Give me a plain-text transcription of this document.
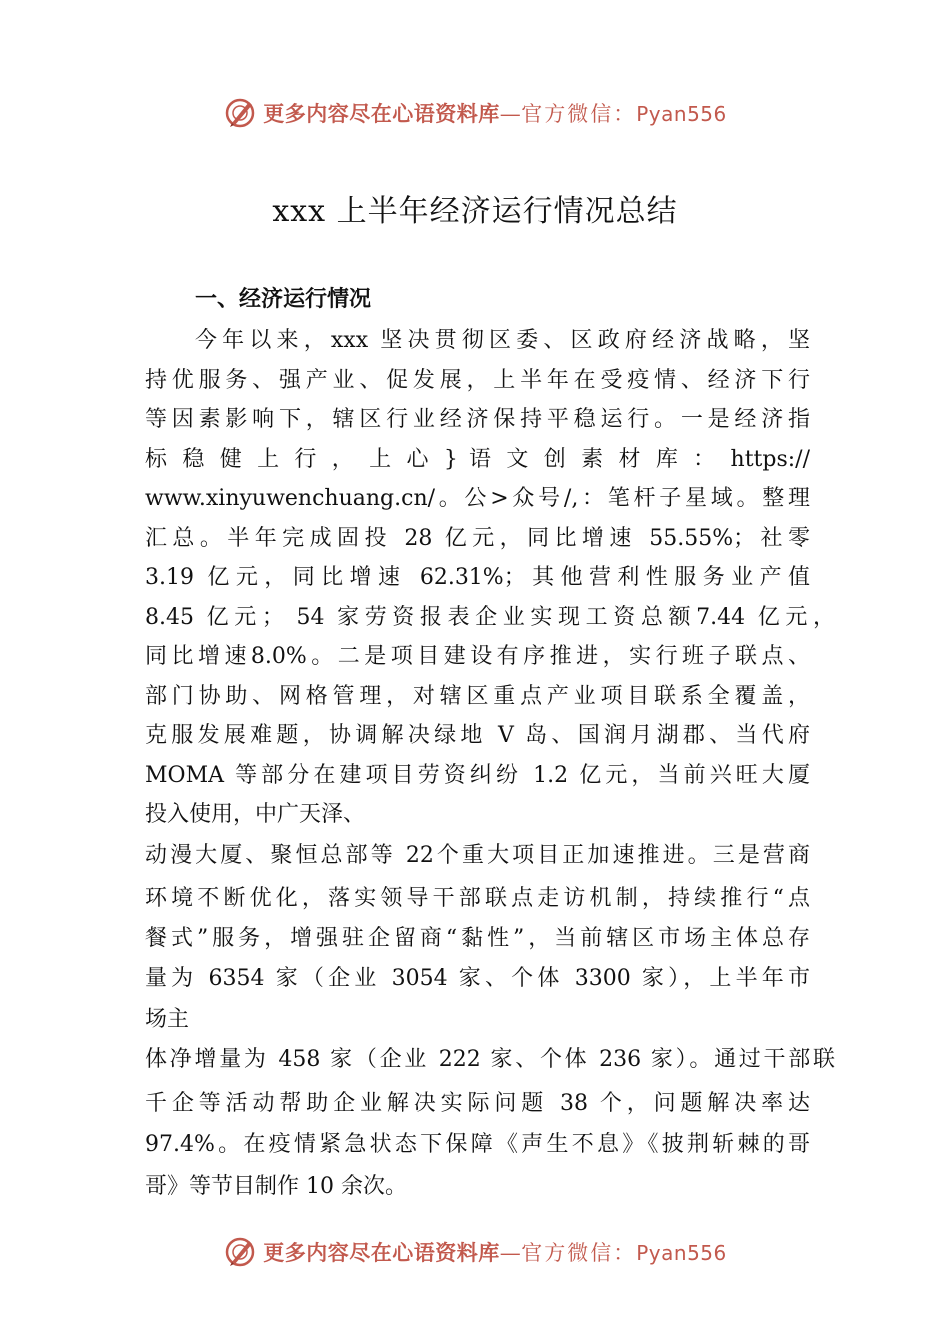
更多内容尽在心语资料库—官方微信：Pyan556
xxx 上半年经济运行情况总结
一、经济运行情况
今年以来，xxx 坚决贯彻区委、区政府经济战略，坚
持优服务、强产业、促发展，上半年在受疫情、经济下行
等因素影响下，辖区行业经济保持平稳运行。一是经济指
标 稳 健 上 行 ， 上 心 } 语 文 创 素 材 库 ： https://
www.xinyuwenchuang.cn/。公>众号/,：笔杆子星域。整理
汇总。半年完成固投 28 亿元，同比增速 55.55%；社零
3.19 亿元，同比增速 62.31%；其他营利性服务业产值
8.45 亿元； 54 家劳资报表企业实现工资总额7.44 亿元，
同比增速8.0%。二是项目建设有序推进，实行班子联点、
部门协助、网格管理，对辖区重点产业项目联系全覆盖，
克服发展难题，协调解决绿地 V 岛、国润月湖郡、当代府
MOMA 等部分在建项目劳资纠纷 1.2 亿元，当前兴旺大厦
投入使用，中广天泽、
动漫大厦、聚恒总部等 22个重大项目正加速推进。三是营商
环境不断优化，落实领导干部联点走访机制，持续推行“点
餐式”服务，增强驻企留商“黏性”，当前辖区市场主体总存
量为 6354 家（企业 3054 家、个体 3300 家），上半年市
场主
体净增量为 458 家（企业 222 家、个体 236 家）。通过干部联
千企等活动帮助企业解决实际问题 38 个，问题解决率达
97.4%。在疫情紧急状态下保障《声生不息》《披荆斩棘的哥
哥》等节目制作 10 余次。
更多内容尽在心语资料库—官方微信：Pyan556
